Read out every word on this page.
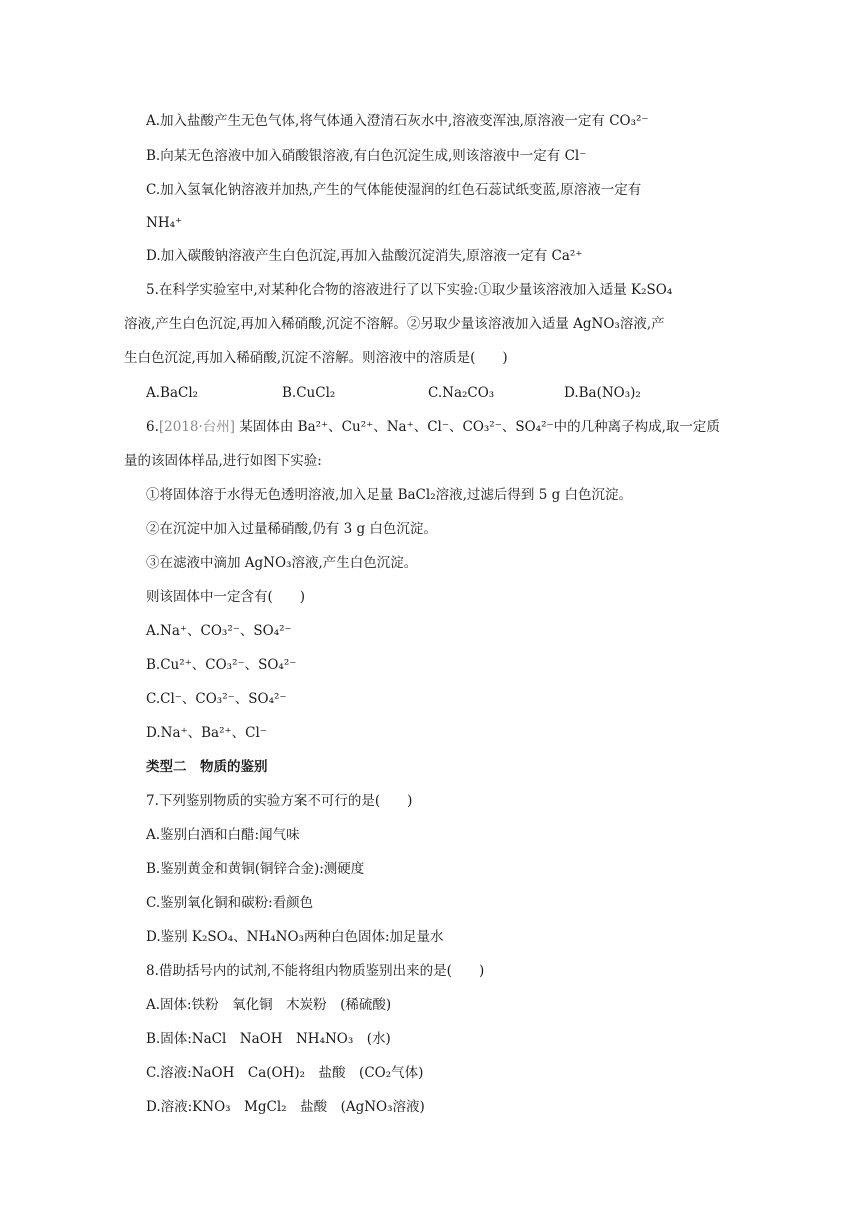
A.加入盐酸产生无色气体,将气体通入澄清石灰水中,溶液变浑浊,原溶液一定有 CO₃²⁻
B.向某无色溶液中加入硝酸银溶液,有白色沉淀生成,则该溶液中一定有 Cl⁻
C.加入氢氧化钠溶液并加热,产生的气体能使湿润的红色石蕊试纸变蓝,原溶液一定有
NH₄⁺
D.加入碳酸钠溶液产生白色沉淀,再加入盐酸沉淀消失,原溶液一定有 Ca²⁺
5.在科学实验室中,对某种化合物的溶液进行了以下实验:①取少量该溶液加入适量 K₂SO₄
溶液,产生白色沉淀,再加入稀硝酸,沉淀不溶解。②另取少量该溶液加入适量 AgNO₃溶液,产
生白色沉淀,再加入稀硝酸,沉淀不溶解。则溶液中的溶质是(　　)
A.BaCl₂	B.CuCl₂	C.Na₂CO₃	D.Ba(NO₃)₂
6.[2018·台州] 某固体由 Ba²⁺、Cu²⁺、Na⁺、Cl⁻、CO₃²⁻、SO₄²⁻中的几种离子构成,取一定质
量的该固体样品,进行如图下实验:
①将固体溶于水得无色透明溶液,加入足量 BaCl₂溶液,过滤后得到 5 g 白色沉淀。
②在沉淀中加入过量稀硝酸,仍有 3 g 白色沉淀。
③在滤液中滴加 AgNO₃溶液,产生白色沉淀。
则该固体中一定含有(　　)
A.Na⁺、CO₃²⁻、SO₄²⁻
B.Cu²⁺、CO₃²⁻、SO₄²⁻
C.Cl⁻、CO₃²⁻、SO₄²⁻
D.Na⁺、Ba²⁺、Cl⁻
类型二　物质的鉴别
7.下列鉴别物质的实验方案不可行的是(　　)
A.鉴别白酒和白醋:闻气味
B.鉴别黄金和黄铜(铜锌合金):测硬度
C.鉴别氧化铜和碳粉:看颜色
D.鉴别 K₂SO₄、NH₄NO₃两种白色固体:加足量水
8.借助括号内的试剂,不能将组内物质鉴别出来的是(　　)
A.固体:铁粉　氧化铜　木炭粉　(稀硫酸)
B.固体:NaCl　NaOH　NH₄NO₃　(水)
C.溶液:NaOH　Ca(OH)₂　盐酸　(CO₂气体)
D.溶液:KNO₃　MgCl₂　盐酸　(AgNO₃溶液)
